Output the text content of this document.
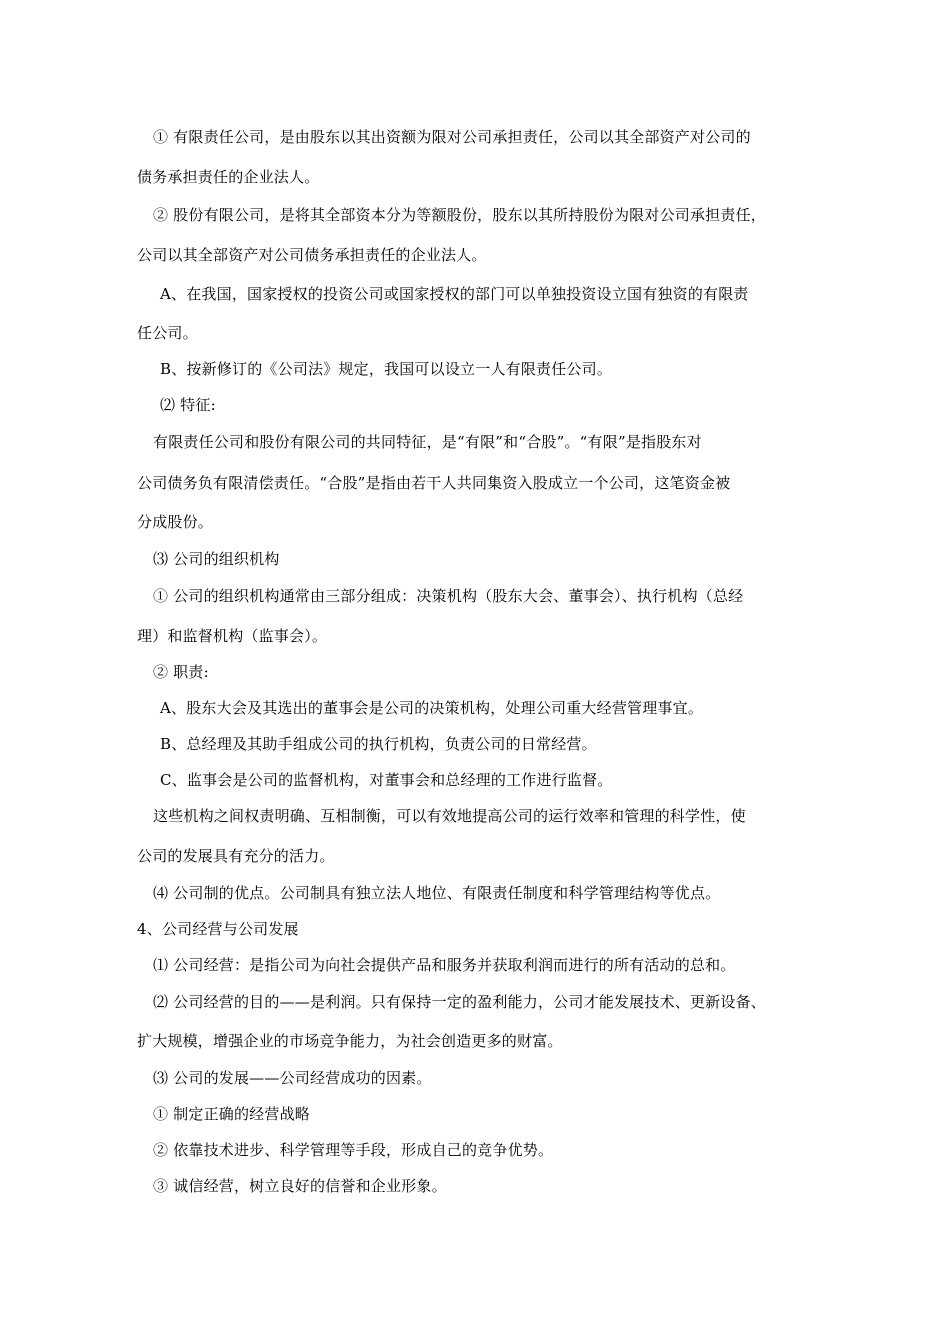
① 有限责任公司，是由股东以其出资额为限对公司承担责任，公司以其全部资产对公司的
债务承担责任的企业法人。
② 股份有限公司，是将其全部资本分为等额股份，股东以其所持股份为限对公司承担责任，
公司以其全部资产对公司债务承担责任的企业法人。
A、在我国，国家授权的投资公司或国家授权的部门可以单独投资设立国有独资的有限责
任公司。
B、按新修订的《公司法》规定，我国可以设立一人有限责任公司。
⑵ 特征:
有限责任公司和股份有限公司的共同特征，是“有限”和“合股”。“有限”是指股东对
公司债务负有限清偿责任。“合股”是指由若干人共同集资入股成立一个公司，这笔资金被
分成股份。
⑶ 公司的组织机构
① 公司的组织机构通常由三部分组成：决策机构（股东大会、董事会）、执行机构（总经
理）和监督机构（监事会）。
② 职责:
A、股东大会及其选出的董事会是公司的决策机构，处理公司重大经营管理事宜。
B、总经理及其助手组成公司的执行机构，负责公司的日常经营。
C、监事会是公司的监督机构，对董事会和总经理的工作进行监督。
这些机构之间权责明确、互相制衡，可以有效地提高公司的运行效率和管理的科学性，使
公司的发展具有充分的活力。
⑷ 公司制的优点。公司制具有独立法人地位、有限责任制度和科学管理结构等优点。
4、公司经营与公司发展
⑴ 公司经营：是指公司为向社会提供产品和服务并获取利润而进行的所有活动的总和。
⑵ 公司经营的目的——是利润。只有保持一定的盈利能力，公司才能发展技术、更新设备、
扩大规模，增强企业的市场竞争能力，为社会创造更多的财富。
⑶ 公司的发展——公司经营成功的因素。
① 制定正确的经营战略
② 依靠技术进步、科学管理等手段，形成自己的竞争优势。
③ 诚信经营，树立良好的信誉和企业形象。
